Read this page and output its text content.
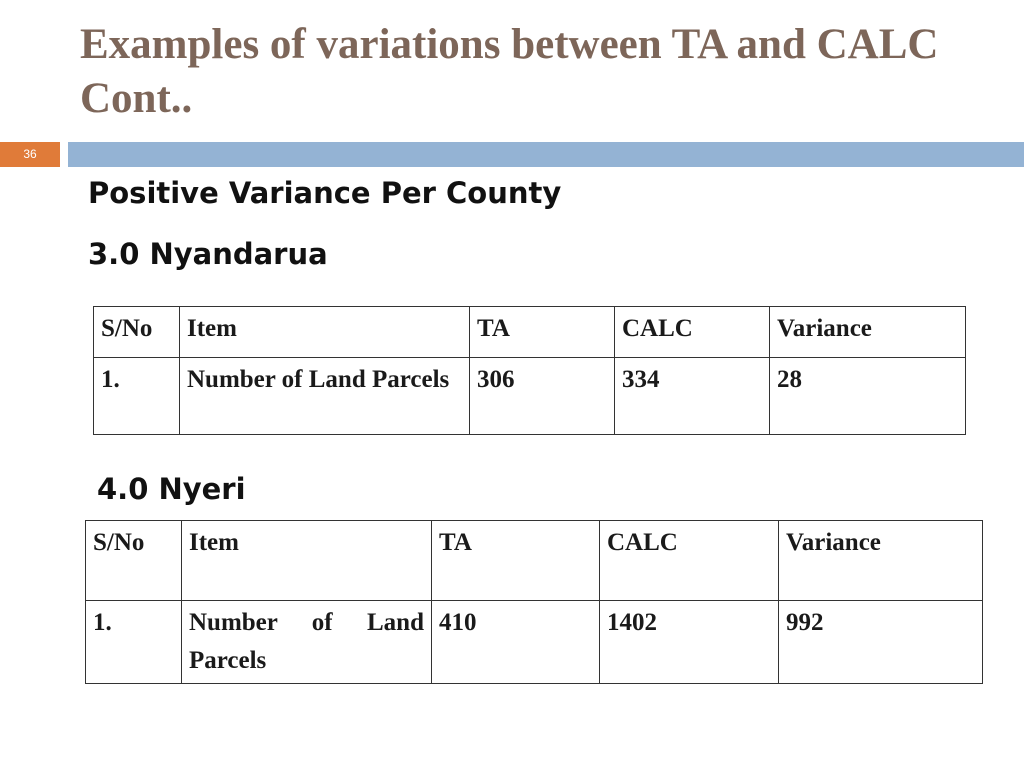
Examples of variations between TA and CALC
Cont..
36
Positive Variance Per County
3.0 Nyandarua
S/No	Item	TA	CALC	Variance
1.	Number of Land Parcels	306	334	28
4.0 Nyeri
S/No	Item	TA	CALC	Variance
1.	Number of Land Parcels	410	1402	992
